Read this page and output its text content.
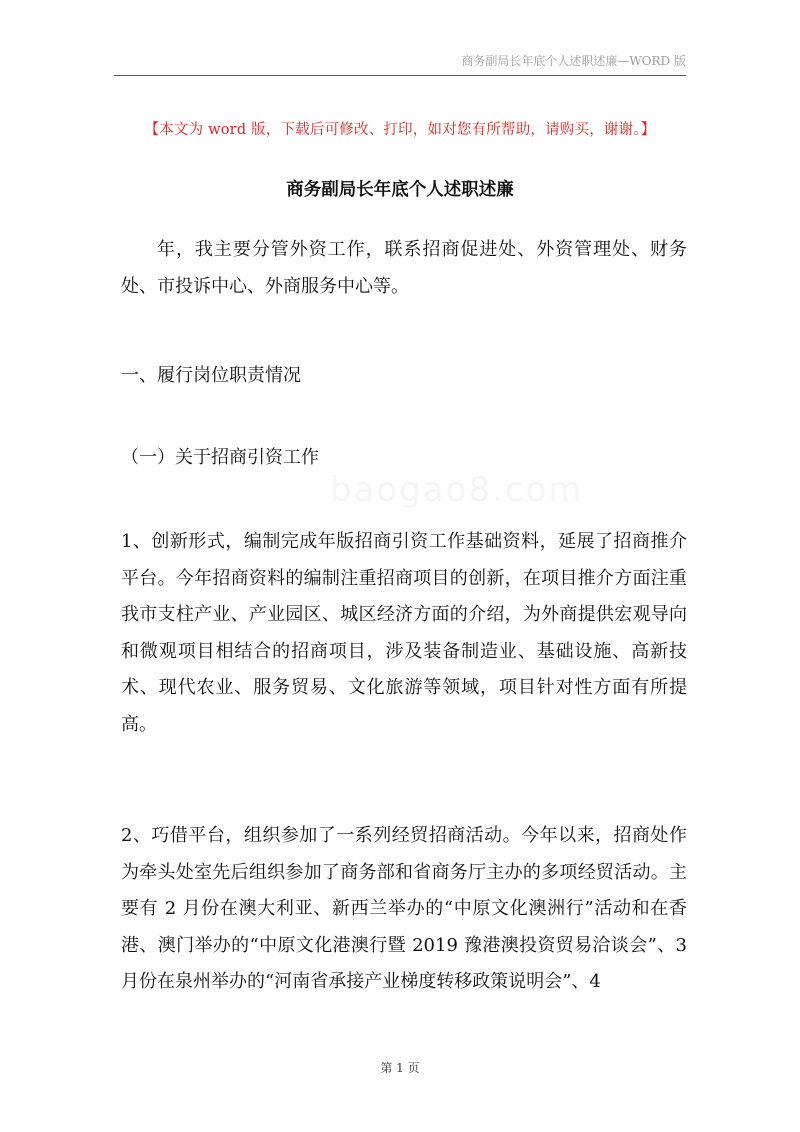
商务副局长年底个人述职述廉—WORD 版
【本文为 word 版，下载后可修改、打印，如对您有所帮助，请购买，谢谢。】
商务副局长年底个人述职述廉
年，我主要分管外资工作，联系招商促进处、外资管理处、财务处、市投诉中心、外商服务中心等。
一、履行岗位职责情况
（一）关于招商引资工作
1、创新形式，编制完成年版招商引资工作基础资料，延展了招商推介平台。今年招商资料的编制注重招商项目的创新，在项目推介方面注重我市支柱产业、产业园区、城区经济方面的介绍，为外商提供宏观导向和微观项目相结合的招商项目，涉及装备制造业、基础设施、高新技术、现代农业、服务贸易、文化旅游等领域，项目针对性方面有所提高。
2、巧借平台，组织参加了一系列经贸招商活动。今年以来，招商处作为牵头处室先后组织参加了商务部和省商务厅主办的多项经贸活动。主要有 2 月份在澳大利亚、新西兰举办的“中原文化澳洲行”活动和在香港、澳门举办的“中原文化港澳行暨 2019 豫港澳投资贸易洽谈会”、3 月份在泉州举办的“河南省承接产业梯度转移政策说明会”、4
第 1 页
